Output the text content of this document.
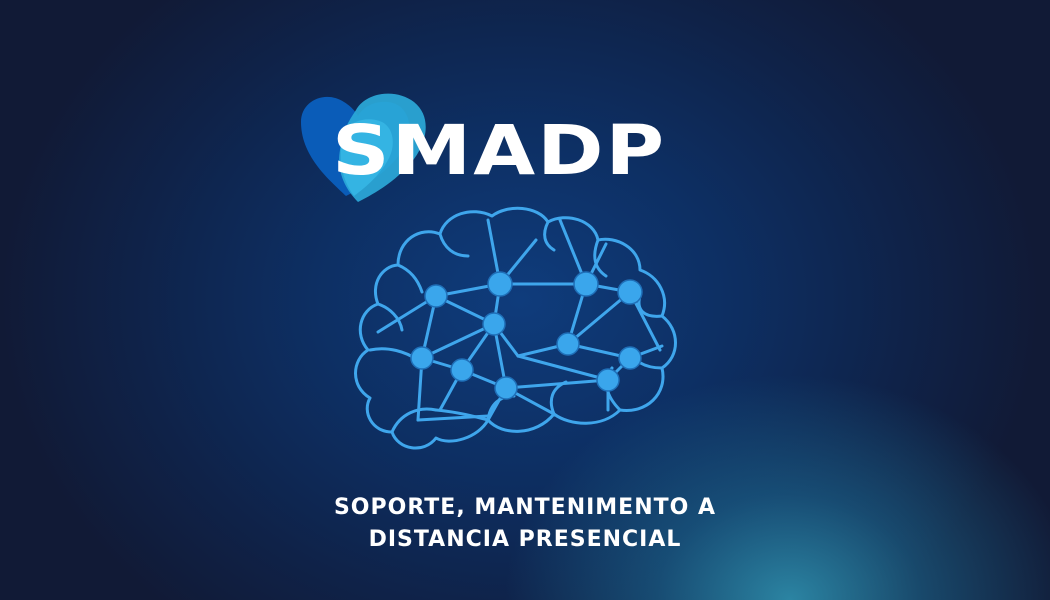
SMADP
SOPORTE, MANTENIMENTO A
DISTANCIA PRESENCIAL
